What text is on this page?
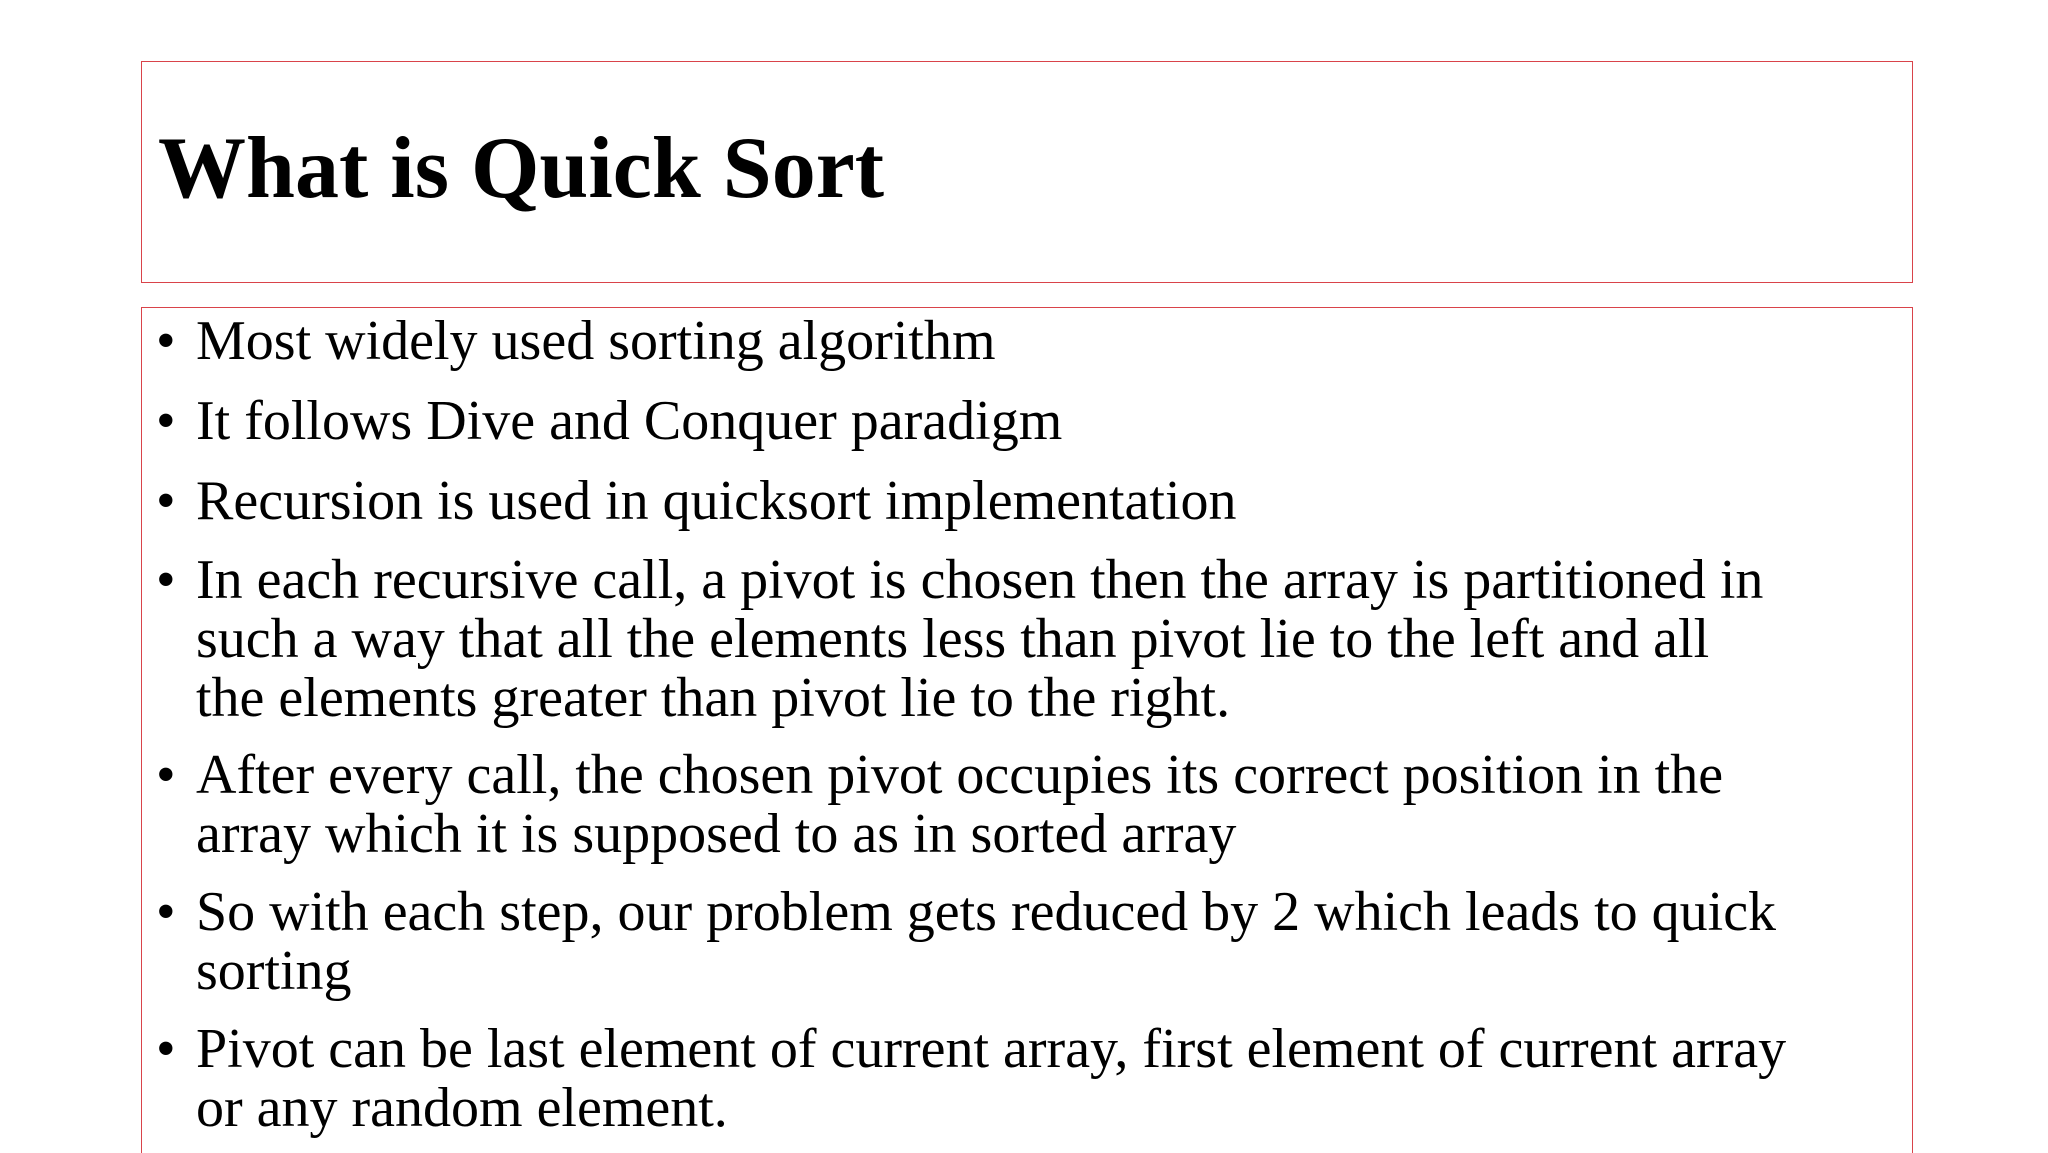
What is Quick Sort
• Most widely used sorting algorithm
• It follows Dive and Conquer paradigm
• Recursion is used in quicksort implementation
• In each recursive call, a pivot is chosen then the array is partitioned in
such a way that all the elements less than pivot lie to the left and all
the elements greater than pivot lie to the right.
• After every call, the chosen pivot occupies its correct position in the
array which it is supposed to as in sorted array
• So with each step, our problem gets reduced by 2 which leads to quick
sorting
• Pivot can be last element of current array, first element of current array
or any random element.
